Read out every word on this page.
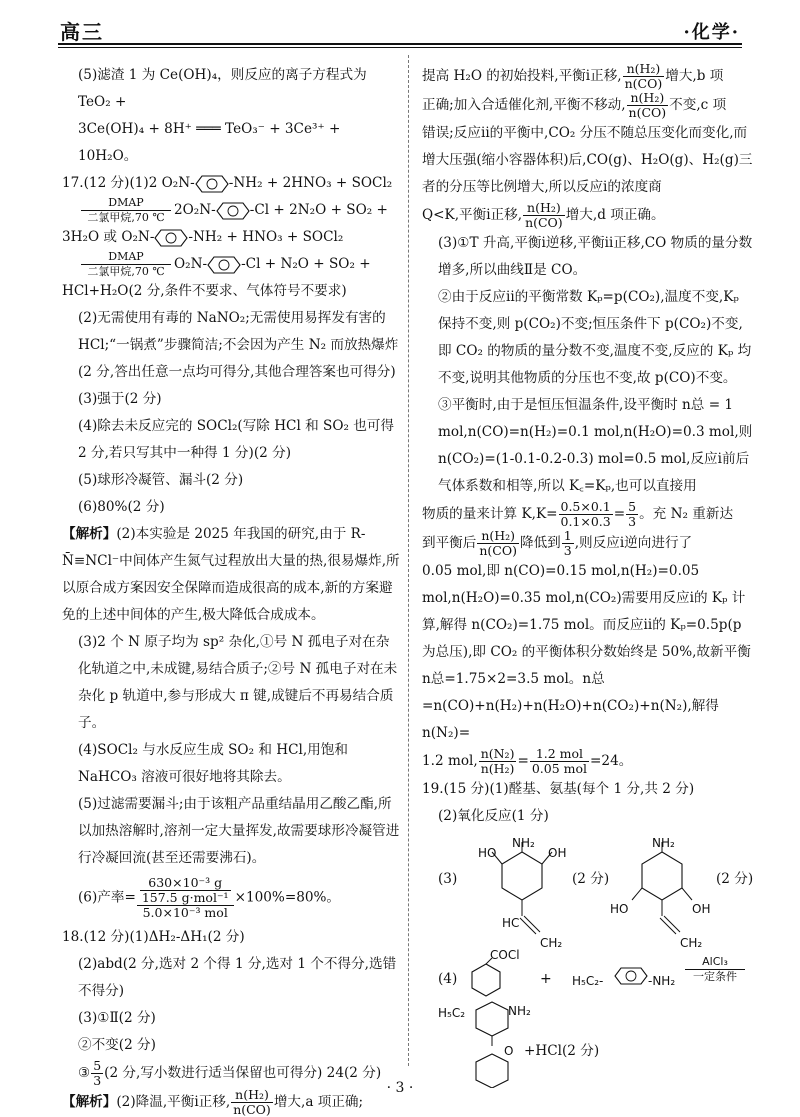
高三	·化学·

(5)滤渣 1 为 Ce(OH)₄，则反应的离子方程式为 TeO₂ +

3Ce(OH)₄ + 8H⁺ ═══ TeO₃⁻ + 3Ce³⁺ + 10H₂O。

17.(12 分)(1)2 O₂N-	-NH₂ + 2HNO₃ + SOCl₂

DMAP
二氯甲烷,70 ℃ 2O₂N-	-Cl + 2N₂O + SO₂ +

3H₂O 或 O₂N-	-NH₂ + HNO₃ + SOCl₂

DMAP
二氯甲烷,70 ℃ O₂N-	-Cl + N₂O + SO₂ +

HCl+H₂O(2 分,条件不要求、气体符号不要求)

(2)无需使用有毒的 NaNO₂;无需使用易挥发有害的 HCl;“一锅煮”步骤简洁;不会因为产生 N₂ 而放热爆炸(2 分,答出任意一点均可得分,其他合理答案也可得分)

(3)强于(2 分)

(4)除去未反应完的 SOCl₂(写除 HCl 和 SO₂ 也可得 2 分,若只写其中一种得 1 分)(2 分)

(5)球形冷凝管、漏斗(2 分)

(6)80%(2 分)

【解析】(2)本实验是 2025 年我国的研究,由于 R-N̄≡NCl⁻中间体产生氮气过程放出大量的热,很易爆炸,所以原合成方案因安全保障而造成很高的成本,新的方案避免的上述中间体的产生,极大降低合成成本。

(3)2 个 N 原子均为 sp² 杂化,①号 N 孤电子对在杂化轨道之中,未成键,易结合质子;②号 N 孤电子对在未杂化 p 轨道中,参与形成大 π 键,成键后不再易结合质子。

(4)SOCl₂ 与水反应生成 SO₂ 和 HCl,用饱和 NaHCO₃ 溶液可很好地将其除去。

(5)过滤需要漏斗;由于该粗产品重结晶用乙酸乙酯,所以加热溶解时,溶剂一定大量挥发,故需要球形冷凝管进行冷凝回流(甚至还需要沸石)。

(6)产率= $\frac{\frac{\text{630×10⁻³ g}}{\text{157.5 g·mol⁻¹}}}{\text{5.0×10⁻³ mol}} \times 100\%=80\%$。

18.(12 分)(1)ΔH₂-ΔH₁(2 分)

(2)abd(2 分,选对 2 个得 1 分,选对 1 个不得分,选错不得分)

(3)①Ⅱ(2 分)

②不变(2 分)

③ $\frac{5}{3} (2$ 分,写小数进行适当保留也可得分) 24(2 分)

【解析】(2)降温,平衡ⅰ正移, $\frac{\text{n(H₂)}}{n(CO)}$ 增大,a 项正确;

提高 H₂O 的初始投料,平衡ⅰ正移, $\frac{\text{n(H₂)}}{n(CO)}$ 增大,b 项

正确;加入合适催化剂,平衡不移动, $\frac{\text{n(H₂)}}{n(CO)}$ 不变,c 项

错误;反应ⅱ的平衡中,CO₂ 分压不随总压变化而变化,而增大压强(缩小容器体积)后,CO(g)、H₂O(g)、H₂(g)三者的分压等比例增大,所以反应ⅰ的浓度商

Q<K,平衡ⅰ正移, $\frac{\text{n(H₂)}}{n(CO)}$ 增大,d 项正确。

(3)①T 升高,平衡ⅰ逆移,平衡ⅱ正移,CO 物质的量分数增多,所以曲线Ⅱ是 CO。

②由于反应ⅱ的平衡常数 Kₚ=p(CO₂),温度不变,Kₚ 保持不变,则 p(CO₂)不变;恒压条件下 p(CO₂)不变,即 CO₂ 的物质的量分数不变,温度不变,反应的 Kₚ 均不变,说明其他物质的分压也不变,故 p(CO)不变。

③平衡时,由于是恒压恒温条件,设平衡时 n总 = 1 mol,n(CO)=n(H₂)=0.1 mol,n(H₂O)=0.3 mol,则 n(CO₂)=(1-0.1-0.2-0.3) mol=0.5 mol,反应ⅰ前后气体系数和相等,所以 K꜀=Kₚ,也可以直接用

物质的量来计算 $K,K= \frac{0.5\times 0.1}{0.1\times 0.3} = \frac{5}{3}$ 。充 N₂ 重新达

到平衡后 $\frac{\text{n(H₂)}}{n(CO)}$ 降低到 $\frac{1}{3}$ ,则反应ⅰ逆向进行了

0.05 mol,即 n(CO)=0.15 mol,n(H₂)=0.05 mol,n(H₂O)=0.35 mol,n(CO₂)需要用反应ⅰ的 Kₚ 计算,解得 n(CO₂)=1.75 mol。而反应ⅱ的 Kₚ=0.5p(p 为总压),即 CO₂ 的平衡体积分数始终是 50%,故新平衡 n总=1.75×2=3.5 mol。n总=n(CO)+n(H₂)+n(H₂O)+n(CO₂)+n(N₂),解得 n(N₂)=

1.2 mol, $\frac{\text{n(N₂)}}{\text{n(H₂)}} = \frac{\text{1.2 mol}}{\text{0.05 mol}} =24$。

19.(15 分)(1)醛基、氨基(每个 1 分,共 2 分)

(2)氧化反应(1 分)

(3)
NH₂
HO	OH
HC
CH₂
(2 分)
NH₂
HO	OH
CH₂
(2 分)
(4)
COCl
+ H₅C₂-	-NH₂
AlCl₃
一定条件
H₅C₂	NH₂
O +HCl(2 分)
· 3 ·
